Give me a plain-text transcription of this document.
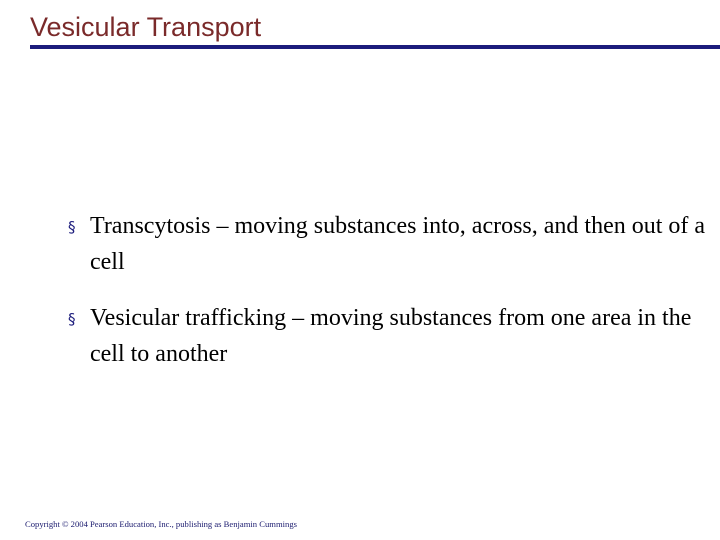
Vesicular Transport
§ Transcytosis – moving substances into, across, and then out of a cell
§ Vesicular trafficking – moving substances from one area in the cell to another
Copyright © 2004 Pearson Education, Inc., publishing as Benjamin Cummings
